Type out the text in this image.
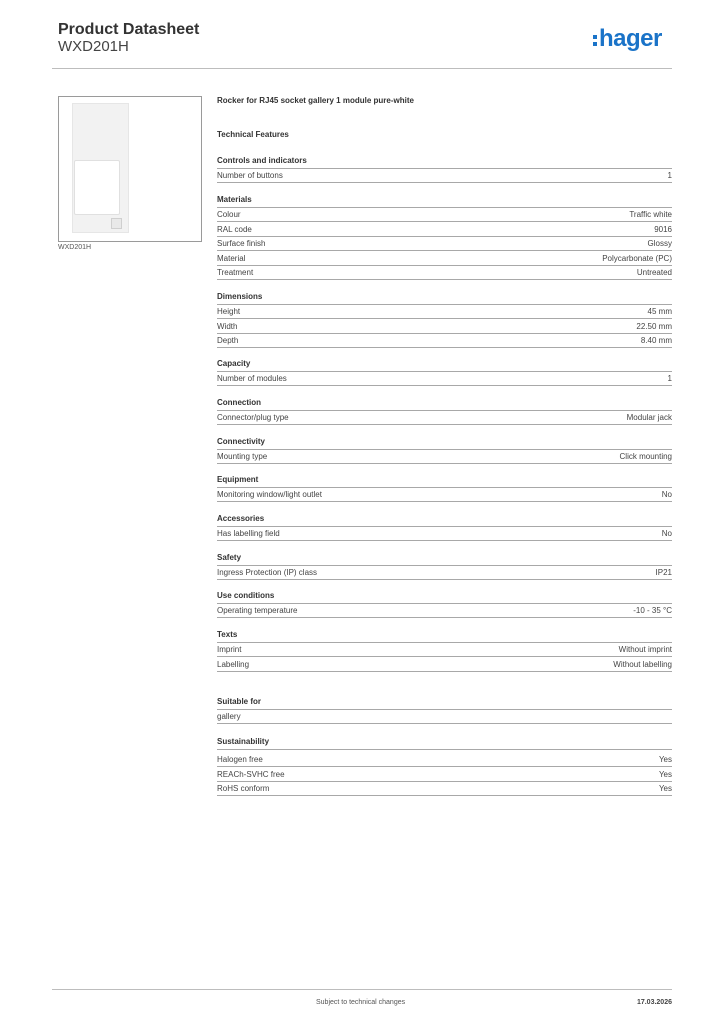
Product Datasheet
WXD201H	hager
WXD201H
Rocker for RJ45 socket gallery 1 module pure-white
Technical Features
Controls and indicators
Number of buttons	1
Materials
Colour	Traffic white
RAL code	9016
Surface finish	Glossy
Material	Polycarbonate (PC)
Treatment	Untreated
Dimensions
Height	45 mm
Width	22.50 mm
Depth	8.40 mm
Capacity
Number of modules	1
Connection
Connector/plug type	Modular jack
Connectivity
Mounting type	Click mounting
Equipment
Monitoring window/light outlet	No
Accessories
Has labelling field	No
Safety
Ingress Protection (IP) class	IP21
Use conditions
Operating temperature	-10 - 35 °C
Texts
Imprint	Without imprint
Labelling	Without labelling
Suitable for
gallery
Sustainability
Halogen free	Yes
REACh-SVHC free	Yes
RoHS conform	Yes
Subject to technical changes	17.03.2026
